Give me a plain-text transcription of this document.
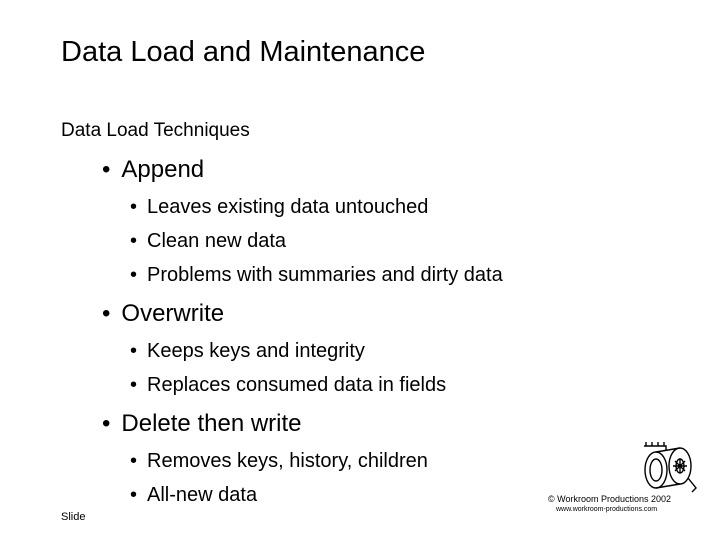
Data Load and Maintenance
Data Load Techniques
• Append
• Leaves existing data untouched
• Clean new data
• Problems with summaries and dirty data
• Overwrite
• Keeps keys and integrity
• Replaces consumed data in fields
• Delete then write
• Removes keys, history, children
• All-new data
Slide
© Workroom Productions 2002
www.workroom-productions.com
